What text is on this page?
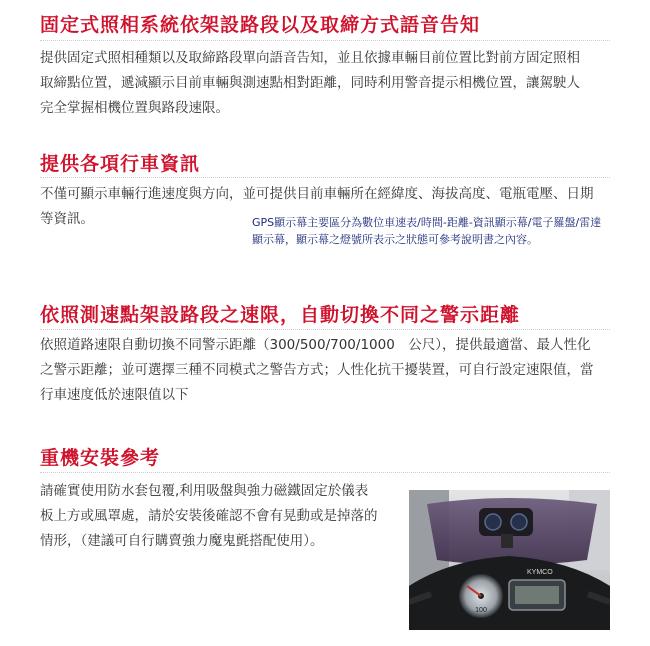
固定式照相系統依架設路段以及取締方式語音告知

提供固定式照相種類以及取締路段單向語音告知，並且依據車輛目前位置比對前方固定照相取締點位置，遞減顯示目前車輛與測速點相對距離，同時利用警音提示相機位置，讓駕駛人完全掌握相機位置與路段速限。

提供各項行車資訊

不僅可顯示車輛行進速度與方向，並可提供目前車輛所在經緯度、海拔高度、電瓶電壓、日期等資訊。	GPS顯示幕主要區分為數位車速表/時間-距離-資訊顯示幕/電子羅盤/雷達顯示幕，顯示幕之燈號所表示之狀態可參考說明書之內容。

依照測速點架設路段之速限，自動切換不同之警示距離

依照道路速限自動切換不同警示距離（300/500/700/1000　公尺），提供最適當、最人性化之警示距離；並可選擇三種不同模式之警告方式；人性化抗干擾裝置，可自行設定速限值，當行車速度低於速限值以下

重機安裝參考

請確實使用防水套包覆,利用吸盤與強力磁鐵固定於儀表板上方或風罩處，請於安裝後確認不會有晃動或是掉落的情形，（建議可自行購賣強力魔鬼氈搭配使用）。

100
KYMCO
